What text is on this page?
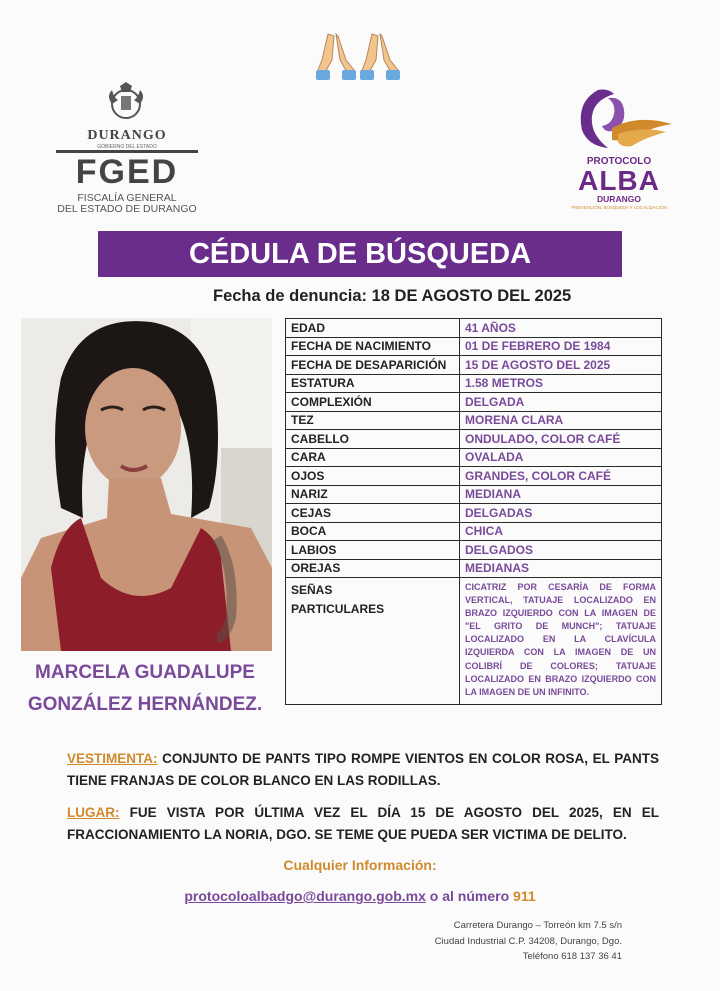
DURANGO
GOBIERNO DEL ESTADO
FGED
FISCALÍA GENERAL
DEL ESTADO DE DURANGO
PROTOCOLO
ALBA
DURANGO
PREVENCIÓN, BÚSQUEDA Y LOCALIZACIÓN
CÉDULA DE BÚSQUEDA
Fecha de denuncia: 18 DE AGOSTO DEL 2025
MARCELA GUADALUPE
GONZÁLEZ HERNÁNDEZ.
EDAD	41 AÑOS
FECHA DE NACIMIENTO	01 DE FEBRERO DE 1984
FECHA DE DESAPARICIÓN	15 DE AGOSTO DEL 2025
ESTATURA	1.58 METROS
COMPLEXIÓN	DELGADA
TEZ	MORENA CLARA
CABELLO	ONDULADO, COLOR CAFÉ
CARA	OVALADA
OJOS	GRANDES, COLOR CAFÉ
NARIZ	MEDIANA
CEJAS	DELGADAS
BOCA	CHICA
LABIOS	DELGADOS
OREJAS	MEDIANAS
SEÑAS
PARTICULARES	CICATRIZ POR CESARÍA DE FORMA VERTICAL, TATUAJE LOCALIZADO EN BRAZO IZQUIERDO CON LA IMAGEN DE "EL GRITO DE MUNCH"; TATUAJE LOCALIZADO EN LA CLAVÍCULA IZQUIERDA CON LA IMAGEN DE UN COLIBRÍ DE COLORES; TATUAJE LOCALIZADO EN BRAZO IZQUIERDO CON LA IMAGEN DE UN INFINITO.
VESTIMENTA: CONJUNTO DE PANTS TIPO ROMPE VIENTOS EN COLOR ROSA, EL PANTS TIENE FRANJAS DE COLOR BLANCO EN LAS RODILLAS.
LUGAR: FUE VISTA POR ÚLTIMA VEZ EL DÍA 15 DE AGOSTO DEL 2025, EN EL FRACCIONAMIENTO LA NORIA, DGO. SE TEME QUE PUEDA SER VICTIMA DE DELITO.
Cualquier Información:
protocoloalbadgo@durango.gob.mx o al número 911
Carretera Durango – Torreón km 7.5 s/n
Ciudad Industrial C.P. 34208, Durango, Dgo.
Teléfono 618 137 36 41
